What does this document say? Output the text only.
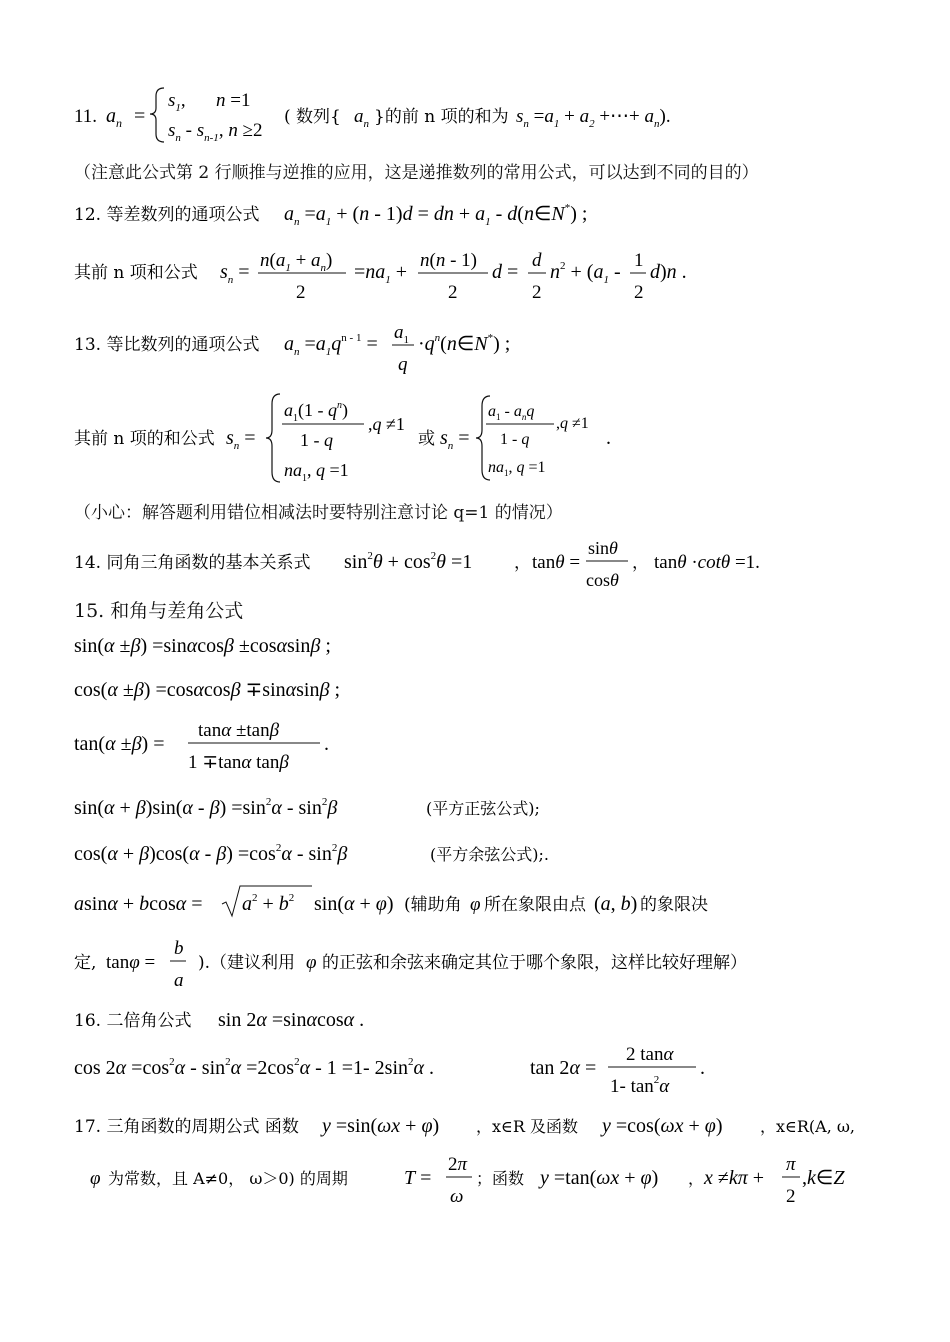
11. $a_n$ =
$s_1$, n =1
$s_n - s_{n-1}$, n ≥2
( 数列{ $a_n$ }的前 n 项的和为 $s_n =a_1 + a_2$ +⋯+ $a_n$).
（注意此公式第 2 行顺推与逆推的应用，这是递推数列的常用公式，可以达到不同的目的）
12. 等差数列的通项公式 $a_n =a_1 + (n - 1)d$ = dn + $a_1$ - d(n∈N*) ;
其前 n 项和公式 $s_n$ =
$n(a_1 + a_n)$
2
$=na_1$ +
n(n - 1)
2
d =
d
2
$n^2 + (a_1$ -
1
2
d)n .
13. 等比数列的通项公式 $a_n =a_1q^{n - 1}$ =
$a_1$
q
$\cdot q^n(n\in N^*)$ ;
其前 n 项的和公式 $s_n$ =
$a_1(1 - q^n)$
1 - q
,q ≠1
$na_1$, q =1
或 $s_n$ =
$a_1 - a_nq$
1 - q
,q ≠1
$na_1$, q =1
.
（小心：解答题利用错位相减法时要特别注意讨论 q=1 的情况）
14. 同角三角函数的基本关系式 $\sin^2\theta + \cos^2\theta =1$ ， tanθ =
sinθ
cosθ
， tanθ ·cotθ =1.
15. 和角与差角公式
sin(α ±β) =sinαcosβ ±cosαsinβ ;
cos(α ±β) =cosαcosβ ∓sinαsinβ ;
tan(α ±β) =
tanα ±tanβ
1 ∓tanα tanβ
.
$\sin(\alpha + \beta)\sin(\alpha - \beta) =\sin^2\alpha - \sin^2\beta$	(平方正弦公式);
$\cos(\alpha + \beta)\cos(\alpha - \beta) =\cos^2\alpha - \sin^2\beta$	(平方余弦公式);.
$asin\alpha + bcos\alpha = a^2 + b^2$ sin(α + φ) (辅助角 φ 所在象限由点 (a, b) 的象限决
定, tanφ =
b
a
).（建议利用 φ 的正弦和余弦来确定其位于哪个象限，这样比较好理解）
16. 二倍角公式 sin 2α =sinαcosα .
$\cos 2\alpha =\cos^2\alpha - \sin^2\alpha =2\cos^2\alpha - 1 =1-$ $2\sin^2\alpha$ .	tan 2α =
2 tanα
1- $\tan^2\alpha$
.
17. 三角函数的周期公式 函数 y =sin(ωx + φ) ，x∈R 及函数 y =cos(ωx + φ) ，x∈R(A, ω,
φ 为常数，且 A≠0， ω＞0) 的周期	T =
2π
ω
；函数 y =tan(ωx + φ) ， x ≠kπ +
π
2
,k∈Z
